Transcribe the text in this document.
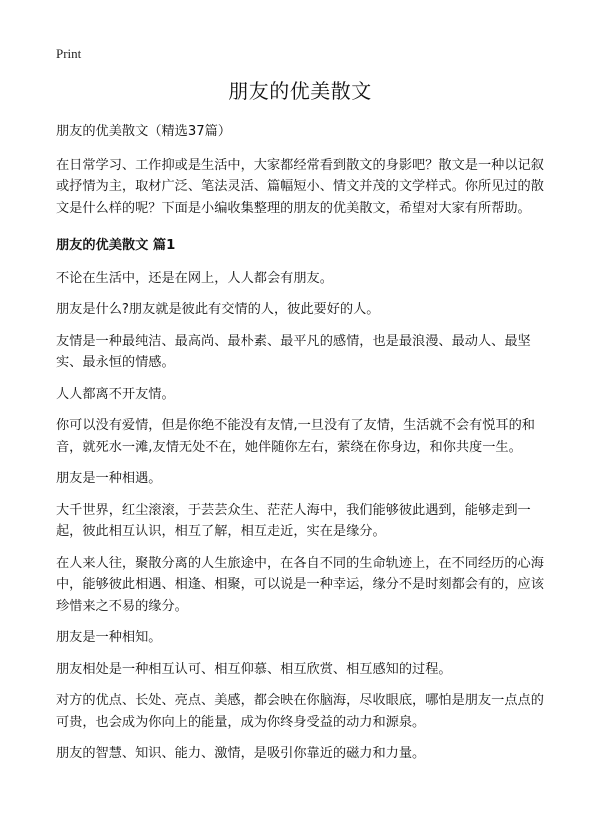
Print
朋友的优美散文

朋友的优美散文（精选37篇）

在日常学习、工作抑或是生活中，大家都经常看到散文的身影吧？散文是一种以记叙或抒情为主，取材广泛、笔法灵活、篇幅短小、情文并茂的文学样式。你所见过的散文是什么样的呢？下面是小编收集整理的朋友的优美散文，希望对大家有所帮助。

朋友的优美散文 篇1

不论在生活中，还是在网上，人人都会有朋友。

朋友是什么?朋友就是彼此有交情的人，彼此要好的人。

友情是一种最纯洁、最高尚、最朴素、最平凡的感情，也是最浪漫、最动人、最坚实、最永恒的情感。

人人都离不开友情。

你可以没有爱情，但是你绝不能没有友情,一旦没有了友情，生活就不会有悦耳的和音，就死水一滩,友情无处不在，她伴随你左右，萦绕在你身边，和你共度一生。

朋友是一种相遇。

大千世界，红尘滚滚，于芸芸众生、茫茫人海中，我们能够彼此遇到，能够走到一起，彼此相互认识，相互了解，相互走近，实在是缘分。

在人来人往，聚散分离的人生旅途中，在各自不同的生命轨迹上，在不同经历的心海中，能够彼此相遇、相逢、相聚，可以说是一种幸运，缘分不是时刻都会有的，应该珍惜来之不易的缘分。

朋友是一种相知。

朋友相处是一种相互认可、相互仰慕、相互欣赏、相互感知的过程。

对方的优点、长处、亮点、美感，都会映在你脑海，尽收眼底，哪怕是朋友一点点的可贵，也会成为你向上的能量，成为你终身受益的动力和源泉。

朋友的智慧、知识、能力、激情，是吸引你靠近的磁力和力量。
